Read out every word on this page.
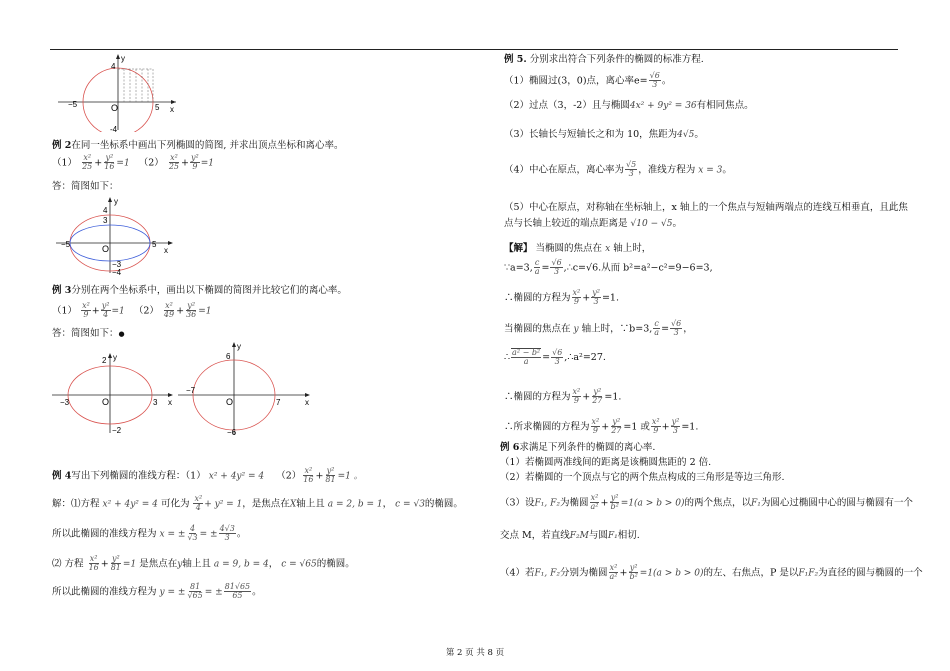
y
x
O
4
-4
−5	5
例 2在同一坐标系中画出下列椭圆的简图, 并求出顶点坐标和离心率。
$(1) \frac{\text{x²}}{25} + \frac{\text{y²}}{16} =1$ $(2) \frac{\text{x²}}{25} + \frac{\text{y²}}{9} =1$
答：简图如下：
y
x
O
4
3
−3
−4
−5	5
例 3分别在两个坐标系中，画出以下椭圆的简图并比较它们的离心率。
$(1) \frac{\text{x²}}{9} + \frac{\text{y²}}{4} =1$ $(2) \frac{\text{x²}}{49} + \frac{\text{y²}}{36} =1$
答：简图如下：●
y
x
O
2
−2
−3	3
y
x
O
6
−6
−7
7
例 4写出下列椭圆的准线方程：（1） x² + 4y² = 4 $(2) \frac{\text{x²}}{16} + \frac{\text{y²}}{81} =1$ 。
解：⑴方程 x² + 4y² = 4 可化为 $\frac{\text{x²}}{4} + y^2 = 1$，是焦点在X轴上且 a = 2, b = 1， c = √3的椭圆。
所以此椭圆的准线方程为 x = ± $\frac{4}{√3}$ = ± $\frac{4√3}{3}$ 。
⑵ 方程 $\frac{\text{x²}}{16} + \frac{\text{y²}}{81} =1$ 是焦点在y轴上且 a = 9, b = 4， c = √65的椭圆。
所以此椭圆的准线方程为 y = ± $\frac{81}{√65}$ = ± $\frac{81√65}{65}$ 。
例 5. 分别求出符合下列条件的椭圆的标准方程.
（1）椭圆过(3，0)点，离心率$e= \frac{√6}{3}$ 。
（2）过点（3，-2）且与椭圆4x² + 9y² = 36有相同焦点。
（3）长轴长与短轴长之和为 10，焦距为4√5。
（4）中心在原点，离心率为 $\frac{√5}{3}$ ，准线方程为 x = 3。
（5）中心在原点，对称轴在坐标轴上，x 轴上的一个焦点与短轴两端点的连线互相垂直，且此焦
点与长轴上较近的端点距离是 √10 − √5。
【解】 当椭圆的焦点在 x 轴上时，
∵a=3, $\frac{c}{a} = \frac{√6}{3}$ ,∴c=√6.从而 b²=a²−c²=9−6=3,
∴椭圆的方程为 $\frac{\text{x²}}{9} + \frac{\text{y²}}{3} =1$.
当椭圆的焦点在 y 轴上时，∵b=3, $\frac{c}{a} = \frac{√6}{3}$ ，
∴ $\frac{\text{a² − b²}}{a} = \frac{√6}{3}$ ,∴a²=27.
∴椭圆的方程为 $\frac{\text{x²}}{9} + \frac{\text{y²}}{27} =1$.
∴所求椭圆的方程为 $\frac{\text{x²}}{9} + \frac{\text{y²}}{27} =1$ 或 $\frac{\text{x²}}{9} + \frac{\text{y²}}{3} =1$.
例 6求满足下列条件的椭圆的离心率.
（1）若椭圆两准线间的距离是该椭圆焦距的 2 倍.
（2）若椭圆的一个顶点与它的两个焦点构成的三角形是等边三角形.
（3）设F₁, F₂为椭圆 $\frac{\text{x²}}{\text{a²}} + \frac{\text{y²}}{\text{b²}} =1(a > b > 0)$的两个焦点，以F₁为圆心过椭圆中心的圆与椭圆有一个
交点 M，若直线F₂M与圆F₁相切.
（4）若F₁, F₂分别为椭圆 $\frac{\text{x²}}{\text{a²}} + \frac{\text{y²}}{\text{b²}} =1(a > b > 0)$的左、右焦点，P 是以F₁F₂为直径的圆与椭圆的一个
第 2 页 共 8 页
